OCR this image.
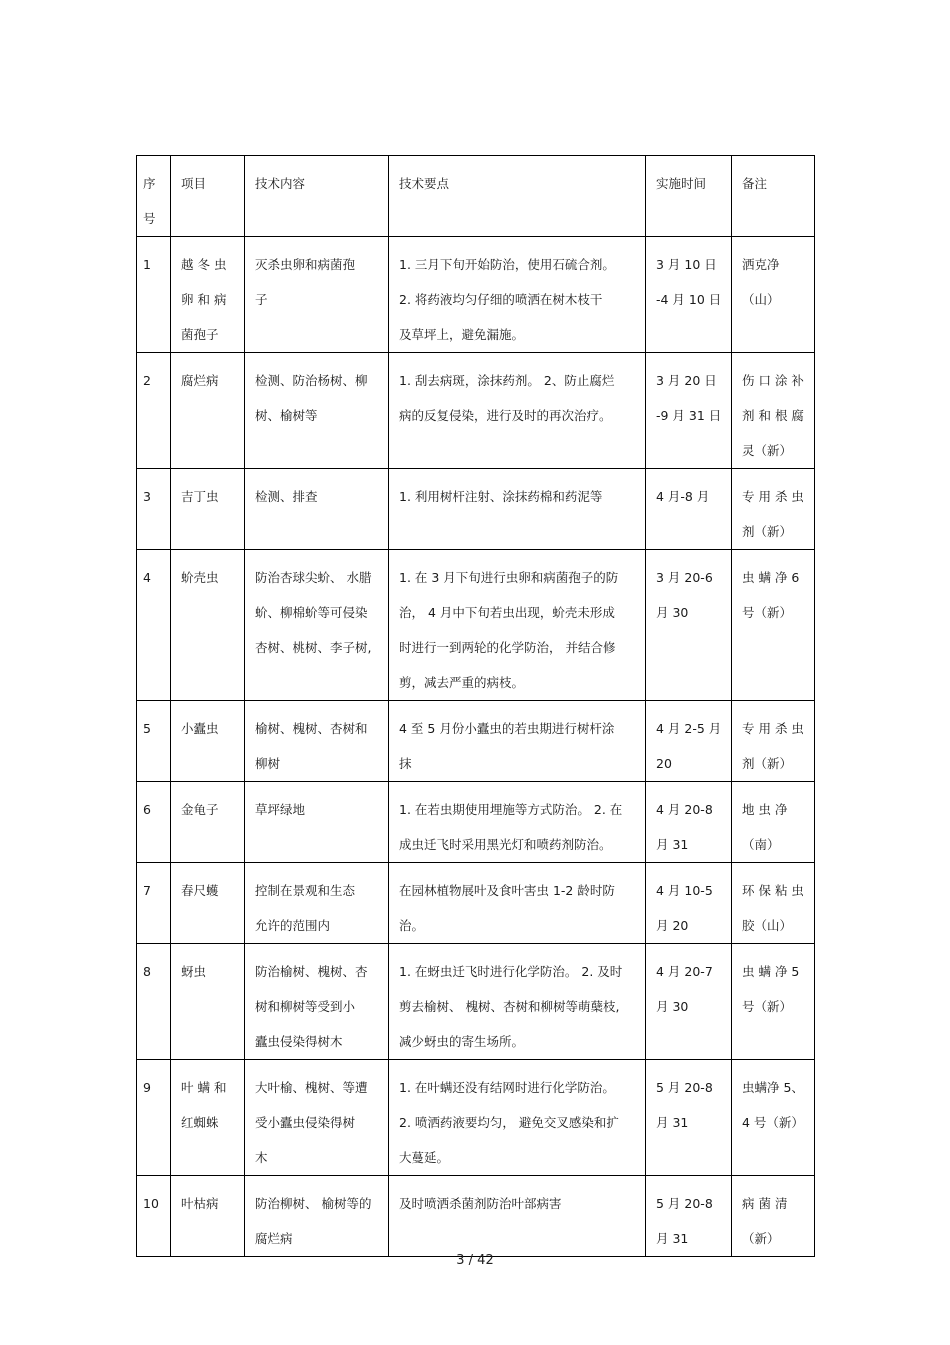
序
号	项目	技术内容	技术要点	实施时间	备注
1	越 冬 虫
卵 和 病
菌孢子	灭杀虫卵和病菌孢
子	1. 三月下旬开始防治，使用石硫合剂。
2. 将药液均匀仔细的喷洒在树木枝干
及草坪上，避免漏施。	3 月 10 日
-4 月 10 日	洒克净
（山）
2	腐烂病	检测、防治杨树、柳
树、榆树等	1. 刮去病斑，涂抹药剂。 2、防止腐烂
病的反复侵染，进行及时的再次治疗。	3 月 20 日
-9 月 31 日	伤 口 涂 补
剂 和 根 腐
灵（新）
3	吉丁虫	检测、排查	1. 利用树杆注射、涂抹药棉和药泥等	4 月-8 月	专 用 杀 虫
剂（新）
4	蚧壳虫	防治杏球尖蚧、 水腊
蚧、柳棉蚧等可侵染
杏树、桃树、李子树,	1. 在 3 月下旬进行虫卵和病菌孢子的防
治， 4 月中下旬若虫出现，蚧壳未形成
时进行一到两轮的化学防治， 并结合修
剪，减去严重的病枝。	3 月 20-6
月 30	虫 螨 净 6
号（新）
5	小蠹虫	榆树、槐树、杏树和
柳树	4 至 5 月份小蠹虫的若虫期进行树杆涂
抹	4 月 2-5 月
20	专 用 杀 虫
剂（新）
6	金龟子	草坪绿地	1. 在若虫期使用埋施等方式防治。 2. 在
成虫迁飞时采用黑光灯和喷药剂防治。	4 月 20-8
月 31	地 虫 净
（南）
7	春尺蠖	控制在景观和生态
允许的范围内	在园林植物展叶及食叶害虫 1-2 龄时防
治。	4 月 10-5
月 20	环 保 粘 虫
胶（山）
8	蚜虫	防治榆树、槐树、杏
树和柳树等受到小
蠹虫侵染得树木	1. 在蚜虫迁飞时进行化学防治。 2. 及时
剪去榆树、 槐树、杏树和柳树等萌蘖枝,
减少蚜虫的寄生场所。	4 月 20-7
月 30	虫 螨 净 5
号（新）
9	叶 螨 和
红蜘蛛	大叶榆、槐树、等遭
受小蠹虫侵染得树
木	1. 在叶螨还没有结网时进行化学防治。
2. 喷洒药液要均匀， 避免交叉感染和扩
大蔓延。	5 月 20-8
月 31	虫螨净 5、
4 号（新）
10	叶枯病	防治柳树、 榆树等的
腐烂病	及时喷洒杀菌剂防治叶部病害	5 月 20-8
月 31	病 菌 清
（新）
3 / 42
